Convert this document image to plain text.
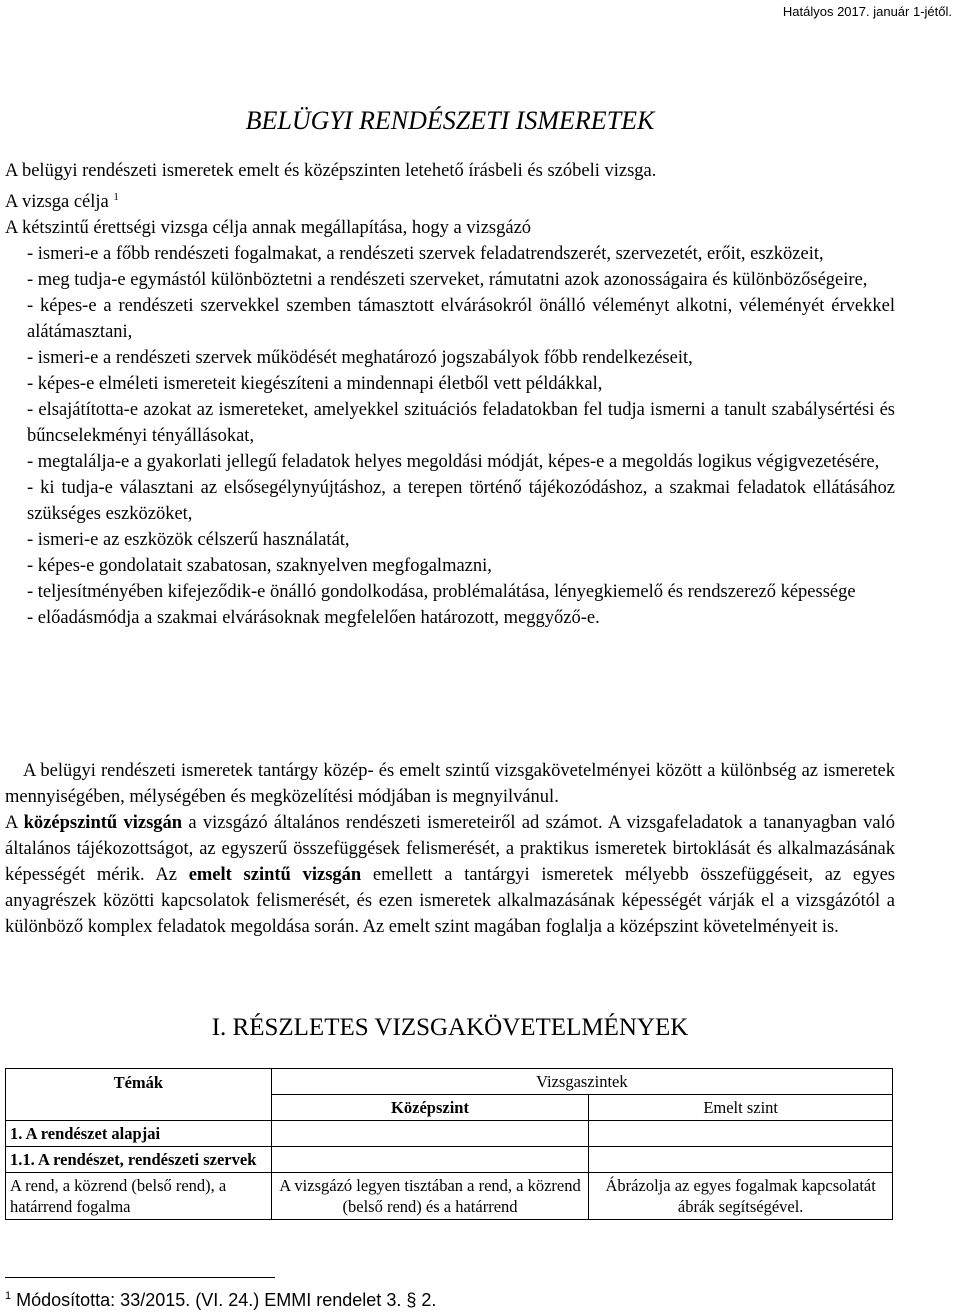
Hatályos 2017. január 1-jétől.
BELÜGYI RENDÉSZETI ISMERETEK

A belügyi rendészeti ismeretek emelt és középszinten letehető írásbeli és szóbeli vizsga.

A vizsga célja $^1$

A kétszintű érettségi vizsga célja annak megállapítása, hogy a vizsgázó

- ismeri-e a főbb rendészeti fogalmakat, a rendészeti szervek feladatrendszerét, szervezetét, erőit, eszközeit,

- meg tudja-e egymástól különböztetni a rendészeti szerveket, rámutatni azok azonosságaira és különbözőségeire,

- képes-e a rendészeti szervekkel szemben támasztott elvárásokról önálló véleményt alkotni, véleményét érvekkel alátámasztani,

- ismeri-e a rendészeti szervek működését meghatározó jogszabályok főbb rendelkezéseit,

- képes-e elméleti ismereteit kiegészíteni a mindennapi életből vett példákkal,

- elsajátította-e azokat az ismereteket, amelyekkel szituációs feladatokban fel tudja ismerni a tanult szabálysértési és bűncselekményi tényállásokat,

- megtalálja-e a gyakorlati jellegű feladatok helyes megoldási módját, képes-e a megoldás logikus végigvezetésére,

- ki tudja-e választani az elsősegélynyújtáshoz, a terepen történő tájékozódáshoz, a szakmai feladatok ellátásához szükséges eszközöket,

- ismeri-e az eszközök célszerű használatát,

- képes-e gondolatait szabatosan, szaknyelven megfogalmazni,

- teljesítményében kifejeződik-e önálló gondolkodása, problémalátása, lényegkiemelő és rendszerező képessége

- előadásmódja a szakmai elvárásoknak megfelelően határozott, meggyőző-e.

A belügyi rendészeti ismeretek tantárgy közép- és emelt szintű vizsgakövetelményei között a különbség az ismeretek mennyiségében, mélységében és megközelítési módjában is megnyilvánul.

A középszintű vizsgán a vizsgázó általános rendészeti ismereteiről ad számot. A vizsgafeladatok a tananyagban való általános tájékozottságot, az egyszerű összefüggések felismerését, a praktikus ismeretek birtoklását és alkalmazásának képességét mérik. Az emelt szintű vizsgán emellett a tantárgyi ismeretek mélyebb összefüggéseit, az egyes anyagrészek közötti kapcsolatok felismerését, és ezen ismeretek alkalmazásának képességét várják el a vizsgázótól a különböző komplex feladatok megoldása során. Az emelt szint magában foglalja a középszint követelményeit is.

I. RÉSZLETES VIZSGAKÖVETELMÉNYEK
Témák	Vizsgaszintek	
	Középszint	Emelt szint
1. A rendészet alapjai		
1.1. A rendészet, rendészeti szervek		
A rend, a közrend (belső rend), a határrend fogalma	A vizsgázó legyen tisztában a rend, a közrend (belső rend) és a határrend	Ábrázolja az egyes fogalmak kapcsolatát ábrák segítségével.
$^1$ Módosította: 33/2015. (VI. 24.) EMMI rendelet 3. § 2.
